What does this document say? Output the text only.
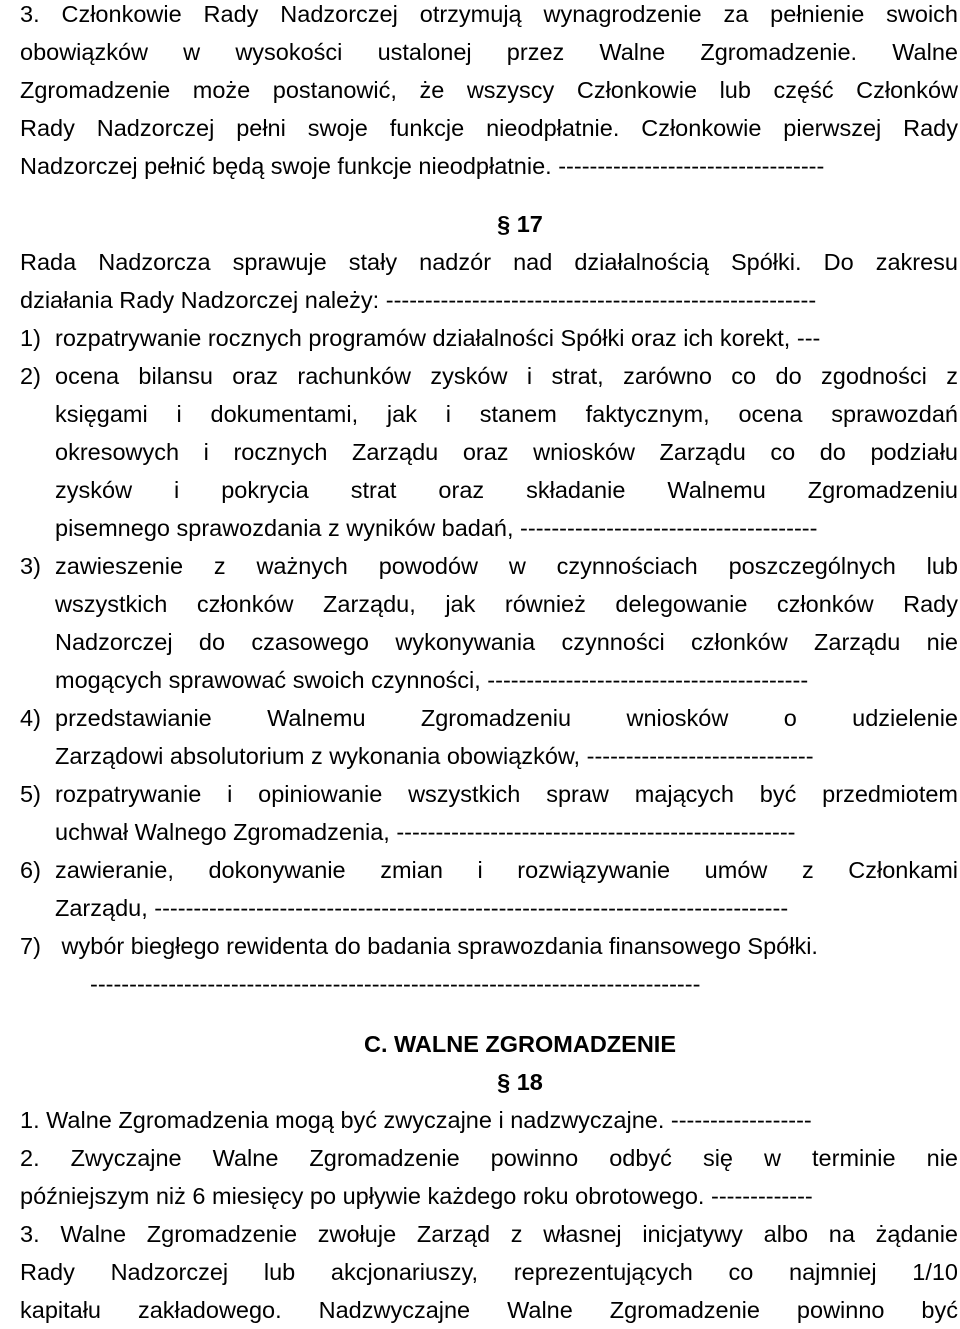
3. Członkowie Rady Nadzorczej otrzymują wynagrodzenie za pełnienie swoich
obowiązków w wysokości ustalonej przez Walne Zgromadzenie. Walne
Zgromadzenie może postanowić, że wszyscy Członkowie lub część Członków
Rady Nadzorczej pełni swoje funkcje nieodpłatnie. Członkowie pierwszej Rady
Nadzorczej pełnić będą swoje funkcje nieodpłatnie. ----------------------------------
§ 17
Rada Nadzorcza sprawuje stały nadzór nad działalnością Spółki. Do zakresu
działania Rady Nadzorczej należy: -------------------------------------------------------
1) rozpatrywanie rocznych programów działalności Spółki oraz ich korekt, ---
2) ocena bilansu oraz rachunków zysków i strat, zarówno co do zgodności z
księgami i dokumentami, jak i stanem faktycznym, ocena sprawozdań
okresowych i rocznych Zarządu oraz wniosków Zarządu co do podziału
zysków i pokrycia strat oraz składanie Walnemu Zgromadzeniu
pisemnego sprawozdania z wyników badań, --------------------------------------
3) zawieszenie z ważnych powodów w czynnościach poszczególnych lub
wszystkich członków Zarządu, jak również delegowanie członków Rady
Nadzorczej do czasowego wykonywania czynności członków Zarządu nie
mogących sprawować swoich czynności, -----------------------------------------
4) przedstawianie Walnemu Zgromadzeniu wniosków o udzielenie
Zarządowi absolutorium z wykonania obowiązków, -----------------------------
5) rozpatrywanie i opiniowanie wszystkich spraw mających być przedmiotem
uchwał Walnego Zgromadzenia, ---------------------------------------------------
6) zawieranie, dokonywanie zmian i rozwiązywanie umów z Członkami
Zarządu, ---------------------------------------------------------------------------------
7) wybór biegłego rewidenta do badania sprawozdania finansowego Spółki.
------------------------------------------------------------------------------
C. WALNE ZGROMADZENIE
§ 18
1. Walne Zgromadzenia mogą być zwyczajne i nadzwyczajne. ------------------
2. Zwyczajne Walne Zgromadzenie powinno odbyć się w terminie nie
późniejszym niż 6 miesięcy po upływie każdego roku obrotowego. -------------
3. Walne Zgromadzenie zwołuje Zarząd z własnej inicjatywy albo na żądanie
Rady Nadzorczej lub akcjonariuszy, reprezentujących co najmniej 1/10
kapitału zakładowego. Nadzwyczajne Walne Zgromadzenie powinno być
